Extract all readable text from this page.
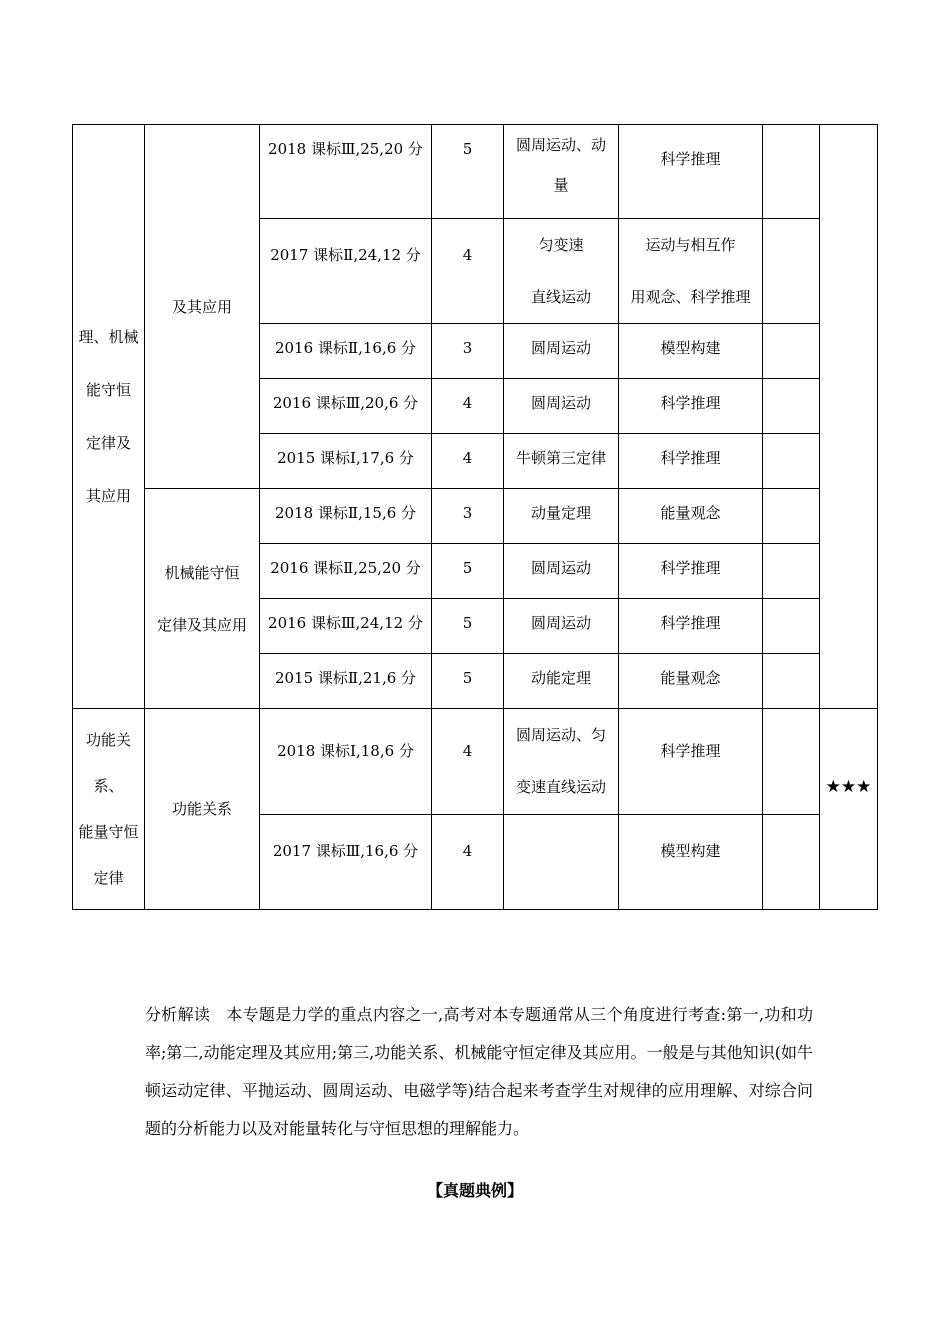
理、机械
能守恒
定律及
其应用	及其应用	2018 课标Ⅲ,25,20 分	5	圆周运动、动
量	科学推理		

		2017 课标Ⅱ,24,12 分	4	匀变速
直线运动	运动与相互作
用观念、科学推理		

		2016 课标Ⅱ,16,6 分	3	圆周运动	模型构建		

		2016 课标Ⅲ,20,6 分	4	圆周运动	科学推理		

		2015 课标Ⅰ,17,6 分	4	牛顿第三定律	科学推理		

	机械能守恒
定律及其应用	2018 课标Ⅱ,15,6 分	3	动量定理	能量观念		

		2016 课标Ⅱ,25,20 分	5	圆周运动	科学推理		

		2016 课标Ⅲ,24,12 分	5	圆周运动	科学推理		

		2015 课标Ⅱ,21,6 分	5	动能定理	能量观念		

功能关
系、
能量守恒
定律	功能关系	2018 课标Ⅰ,18,6 分	4	圆周运动、匀
变速直线运动	科学推理		★★★
		2017 课标Ⅲ,16,6 分	4		模型构建		

分析解读 本专题是力学的重点内容之一,高考对本专题通常从三个角度进行考查:第一,功和功率;第二,动能定理及其应用;第三,功能关系、机械能守恒定律及其应用。一般是与其他知识(如牛顿运动定律、平抛运动、圆周运动、电磁学等)结合起来考查学生对规律的应用理解、对综合问题的分析能力以及对能量转化与守恒思想的理解能力。
【真题典例】
